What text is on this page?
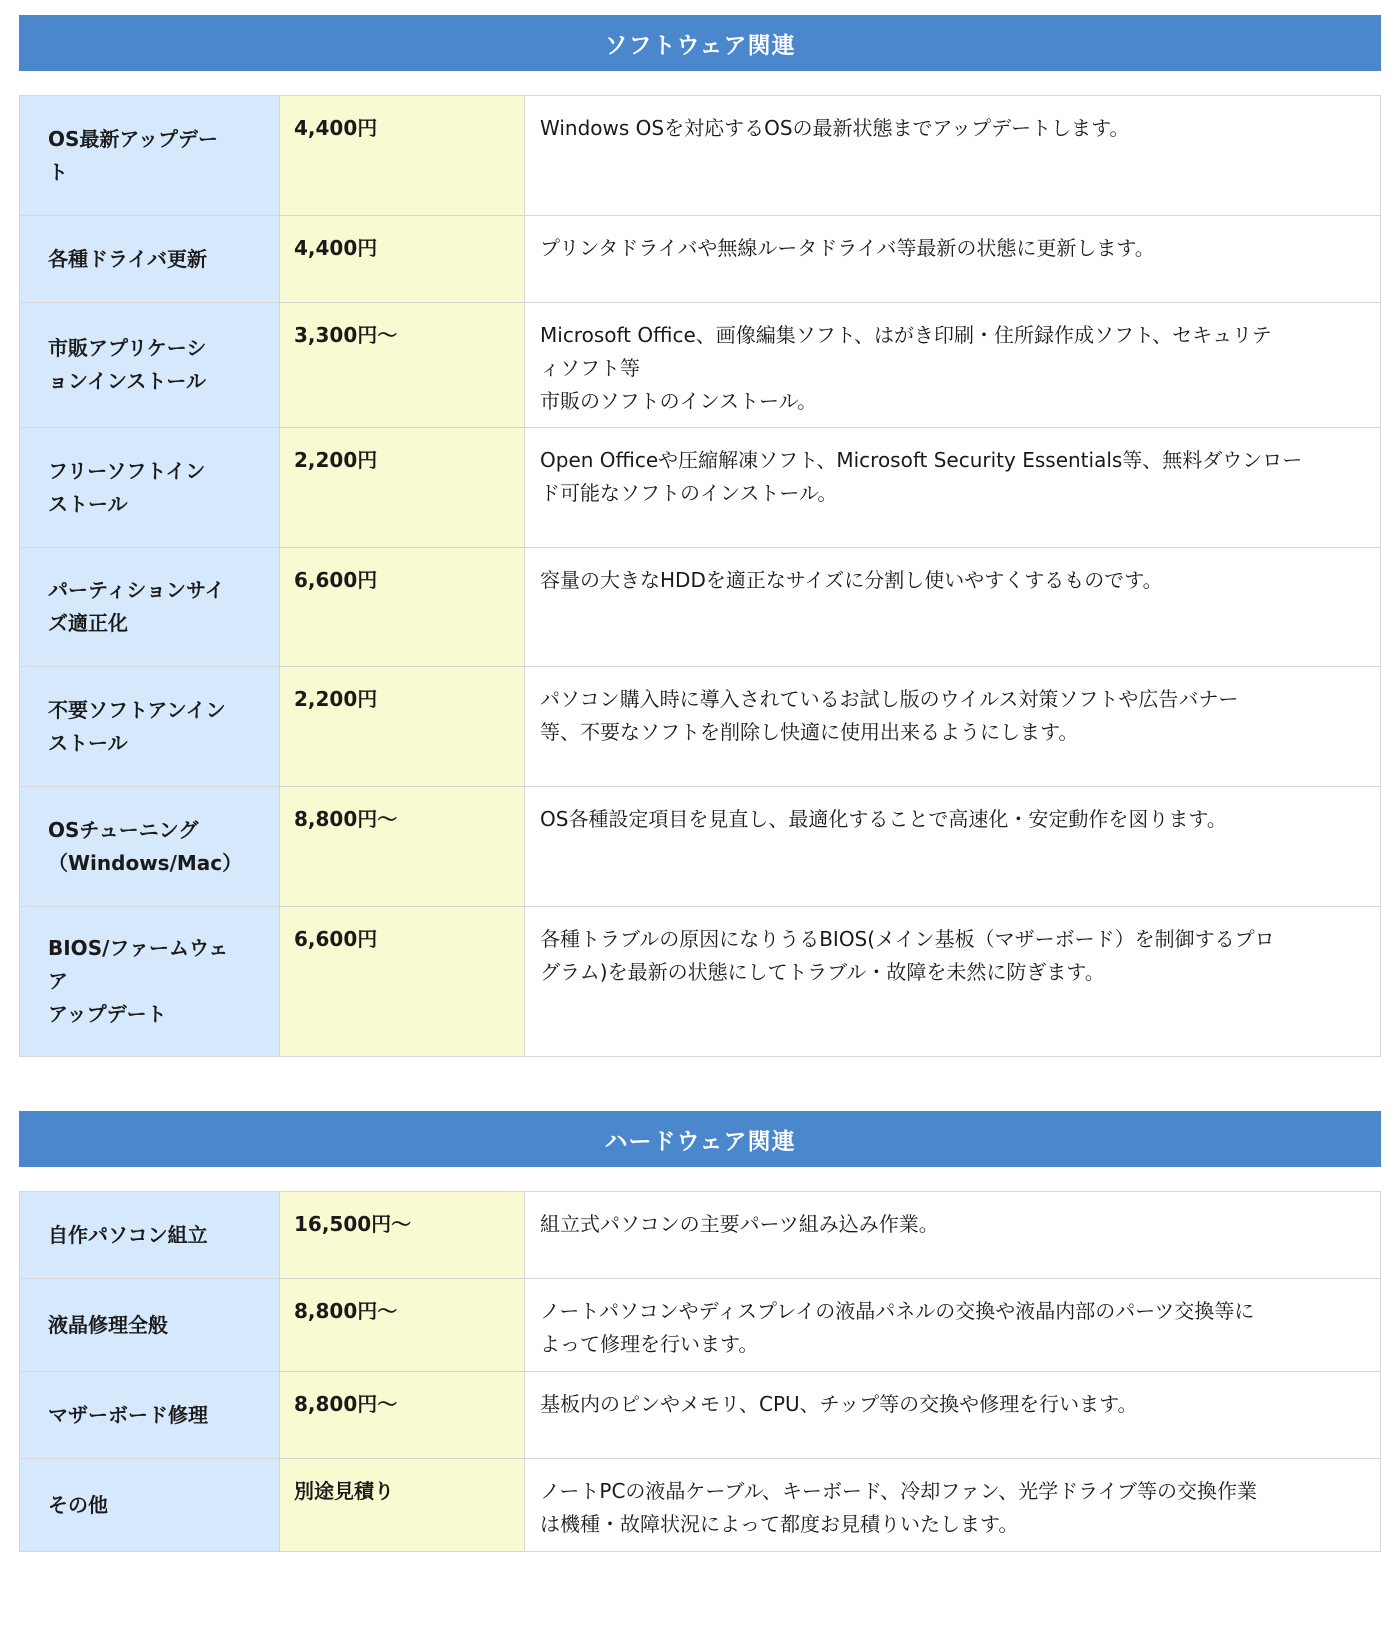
ソフトウェア関連
OS最新アップデー
ト	4,400円	Windows OSを対応するOSの最新状態までアップデートします。

各種ドライバ更新	4,400円	プリンタドライバや無線ルータドライバ等最新の状態に更新します。

市販アプリケーシ
ョンインストール	3,300円〜	Microsoft Office、画像編集ソフト、はがき印刷・住所録作成ソフト、セキュリテ
ィソフト等
市販のソフトのインストール。

フリーソフトイン
ストール	2,200円	Open Officeや圧縮解凍ソフト、Microsoft Security Essentials等、無料ダウンロー
ド可能なソフトのインストール。

パーティションサイ
ズ適正化	6,600円	容量の大きなHDDを適正なサイズに分割し使いやすくするものです。

不要ソフトアンイン
ストール	2,200円	パソコン購入時に導入されているお試し版のウイルス対策ソフトや広告バナー
等、不要なソフトを削除し快適に使用出来るようにします。

OSチューニング
（Windows/Mac）	8,800円〜	OS各種設定項目を見直し、最適化することで高速化・安定動作を図ります。

BIOS/ファームウェ
ア
アップデート	6,600円	各種トラブルの原因になりうるBIOS(メイン基板（マザーボード）を制御するプロ
グラム)を最新の状態にしてトラブル・故障を未然に防ぎます。
ハードウェア関連
自作パソコン組立	16,500円〜	組立式パソコンの主要パーツ組み込み作業。

液晶修理全般	8,800円〜	ノートパソコンやディスプレイの液晶パネルの交換や液晶内部のパーツ交換等に
よって修理を行います。

マザーボード修理	8,800円〜	基板内のピンやメモリ、CPU、チップ等の交換や修理を行います。

その他	別途見積り	ノートPCの液晶ケーブル、キーボード、冷却ファン、光学ドライブ等の交換作業
は機種・故障状況によって都度お見積りいたします。
